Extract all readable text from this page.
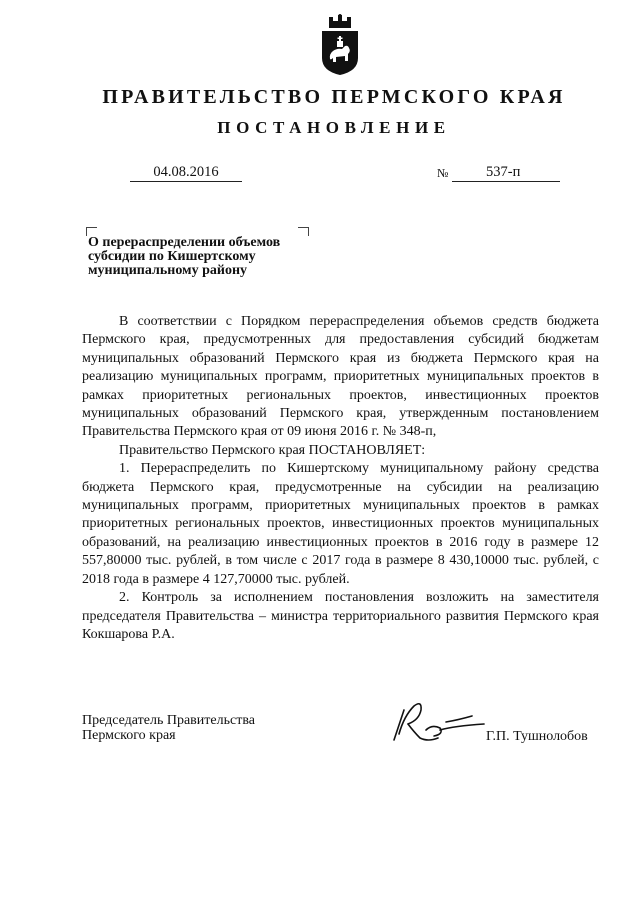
ПРАВИТЕЛЬСТВО ПЕРМСКОГО КРАЯ
ПОСТАНОВЛЕНИЕ
04.08.2016	№	537-п
О перераспределении объемов
субсидии по Кишертскому
муниципальному району

В соответствии с Порядком перераспределения объемов средств бюджета Пермского края, предусмотренных для предоставления субсидий бюджетам муниципальных образований Пермского края из бюджета Пермского края на реализацию муниципальных программ, приоритетных муниципальных проектов в рамках приоритетных региональных проектов, инвестиционных проектов муниципальных образований Пермского края, утвержденным постановлением Правительства Пермского края от 09 июня 2016 г. № 348-п,

Правительство Пермского края ПОСТАНОВЛЯЕТ:

1. Перераспределить по Кишертскому муниципальному району средства бюджета Пермского края, предусмотренные на субсидии на реализацию муниципальных программ, приоритетных муниципальных проектов в рамках приоритетных региональных проектов, инвестиционных проектов муниципальных образований, на реализацию инвестиционных проектов в 2016 году в размере 12 557,80000 тыс. рублей, в том числе с 2017 года в размере 8 430,10000 тыс. рублей, с 2018 года в размере 4 127,70000 тыс. рублей.

2. Контроль за исполнением постановления возложить на заместителя председателя Правительства – министра территориального развития Пермского края Кокшарова Р.А.

Председатель Правительства
Пермского края	Г.П. Тушнолобов
